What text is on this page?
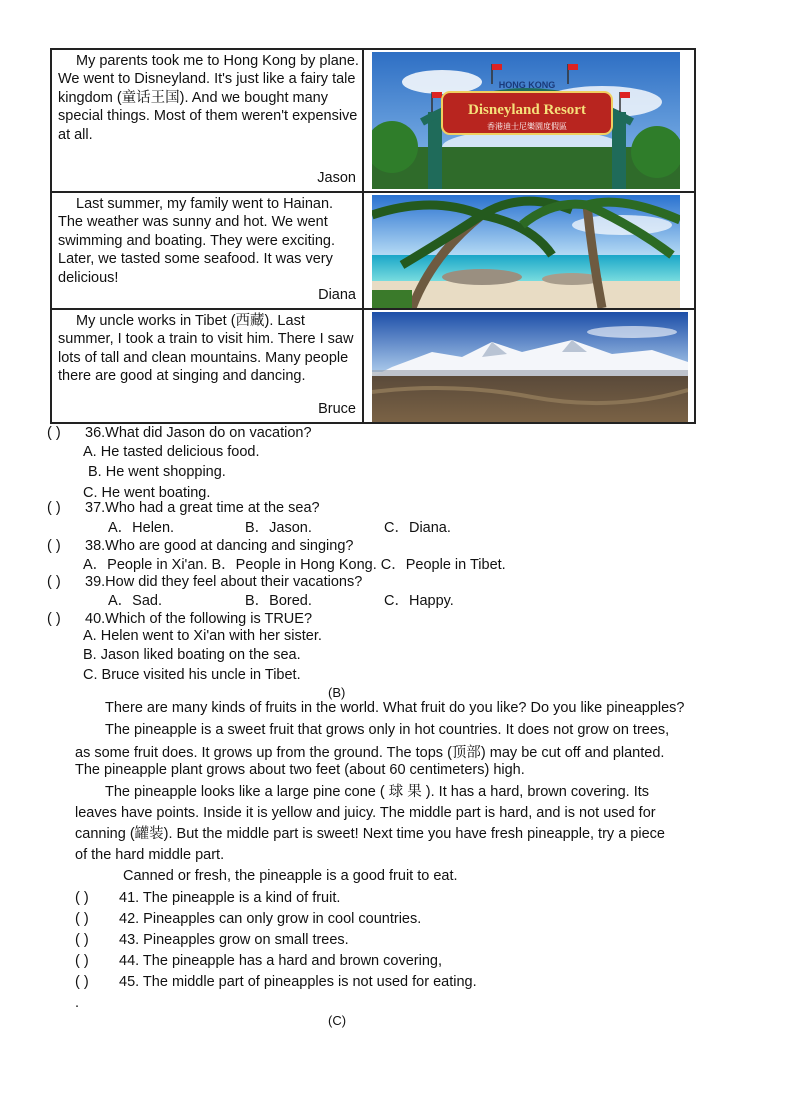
My parents took me to Hong Kong by plane. We went to Disneyland. It's just like a fairy tale kingdom (童话王国). And we bought many special things. Most of them weren't expensive at all.
Jason
HONG KONG
Disneyland Resort
香港迪士尼樂園度假區
Last summer, my family went to Hainan. The weather was sunny and hot. We went swimming and boating. They were exciting. Later, we tasted some seafood. It was very delicious!
Diana
My uncle works in Tibet (西藏). Last summer, I took a train to visit him. There I saw lots of tall and clean mountains. Many people there are good at singing and dancing.
Bruce
( ) 36.What did Jason do on vacation?
A. He tasted delicious food.
B. He went shopping.
C. He went boating.
( ) 37.Who had a great time at the sea?
A．Helen.	B．Jason.	C．Diana.
( ) 38.Who are good at dancing and singing?
A．People in Xi'an. B．People in Hong Kong. C．People in Tibet.
( ) 39.How did they feel about their vacations?
A．Sad.	B．Bored.	C．Happy.
( ) 40.Which of the following is TRUE?
A. Helen went to Xi'an with her sister.
B. Jason liked boating on the sea.
C. Bruce visited his uncle in Tibet.
(B)
There are many kinds of fruits in the world. What fruit do you like? Do you like pineapples?
The pineapple is a sweet fruit that grows only in hot countries. It does not grow on trees,
as some fruit does. It grows up from the ground. The tops (顶部) may be cut off and planted.
The pineapple plant grows about two feet (about 60 centimeters) high.
The pineapple looks like a large pine cone ( 球 果 ). It has a hard, brown covering. Its
leaves have points. Inside it is yellow and juicy. The middle part is hard, and is not used for
canning (罐装). But the middle part is sweet! Next time you have fresh pineapple, try a piece
of the hard middle part.
Canned or fresh, the pineapple is a good fruit to eat.
( ) 41. The pineapple is a kind of fruit.
( ) 42. Pineapples can only grow in cool countries.
( ) 43. Pineapples grow on small trees.
( ) 44. The pineapple has a hard and brown covering,
( ) 45. The middle part of pineapples is not used for eating.
.
(C)
